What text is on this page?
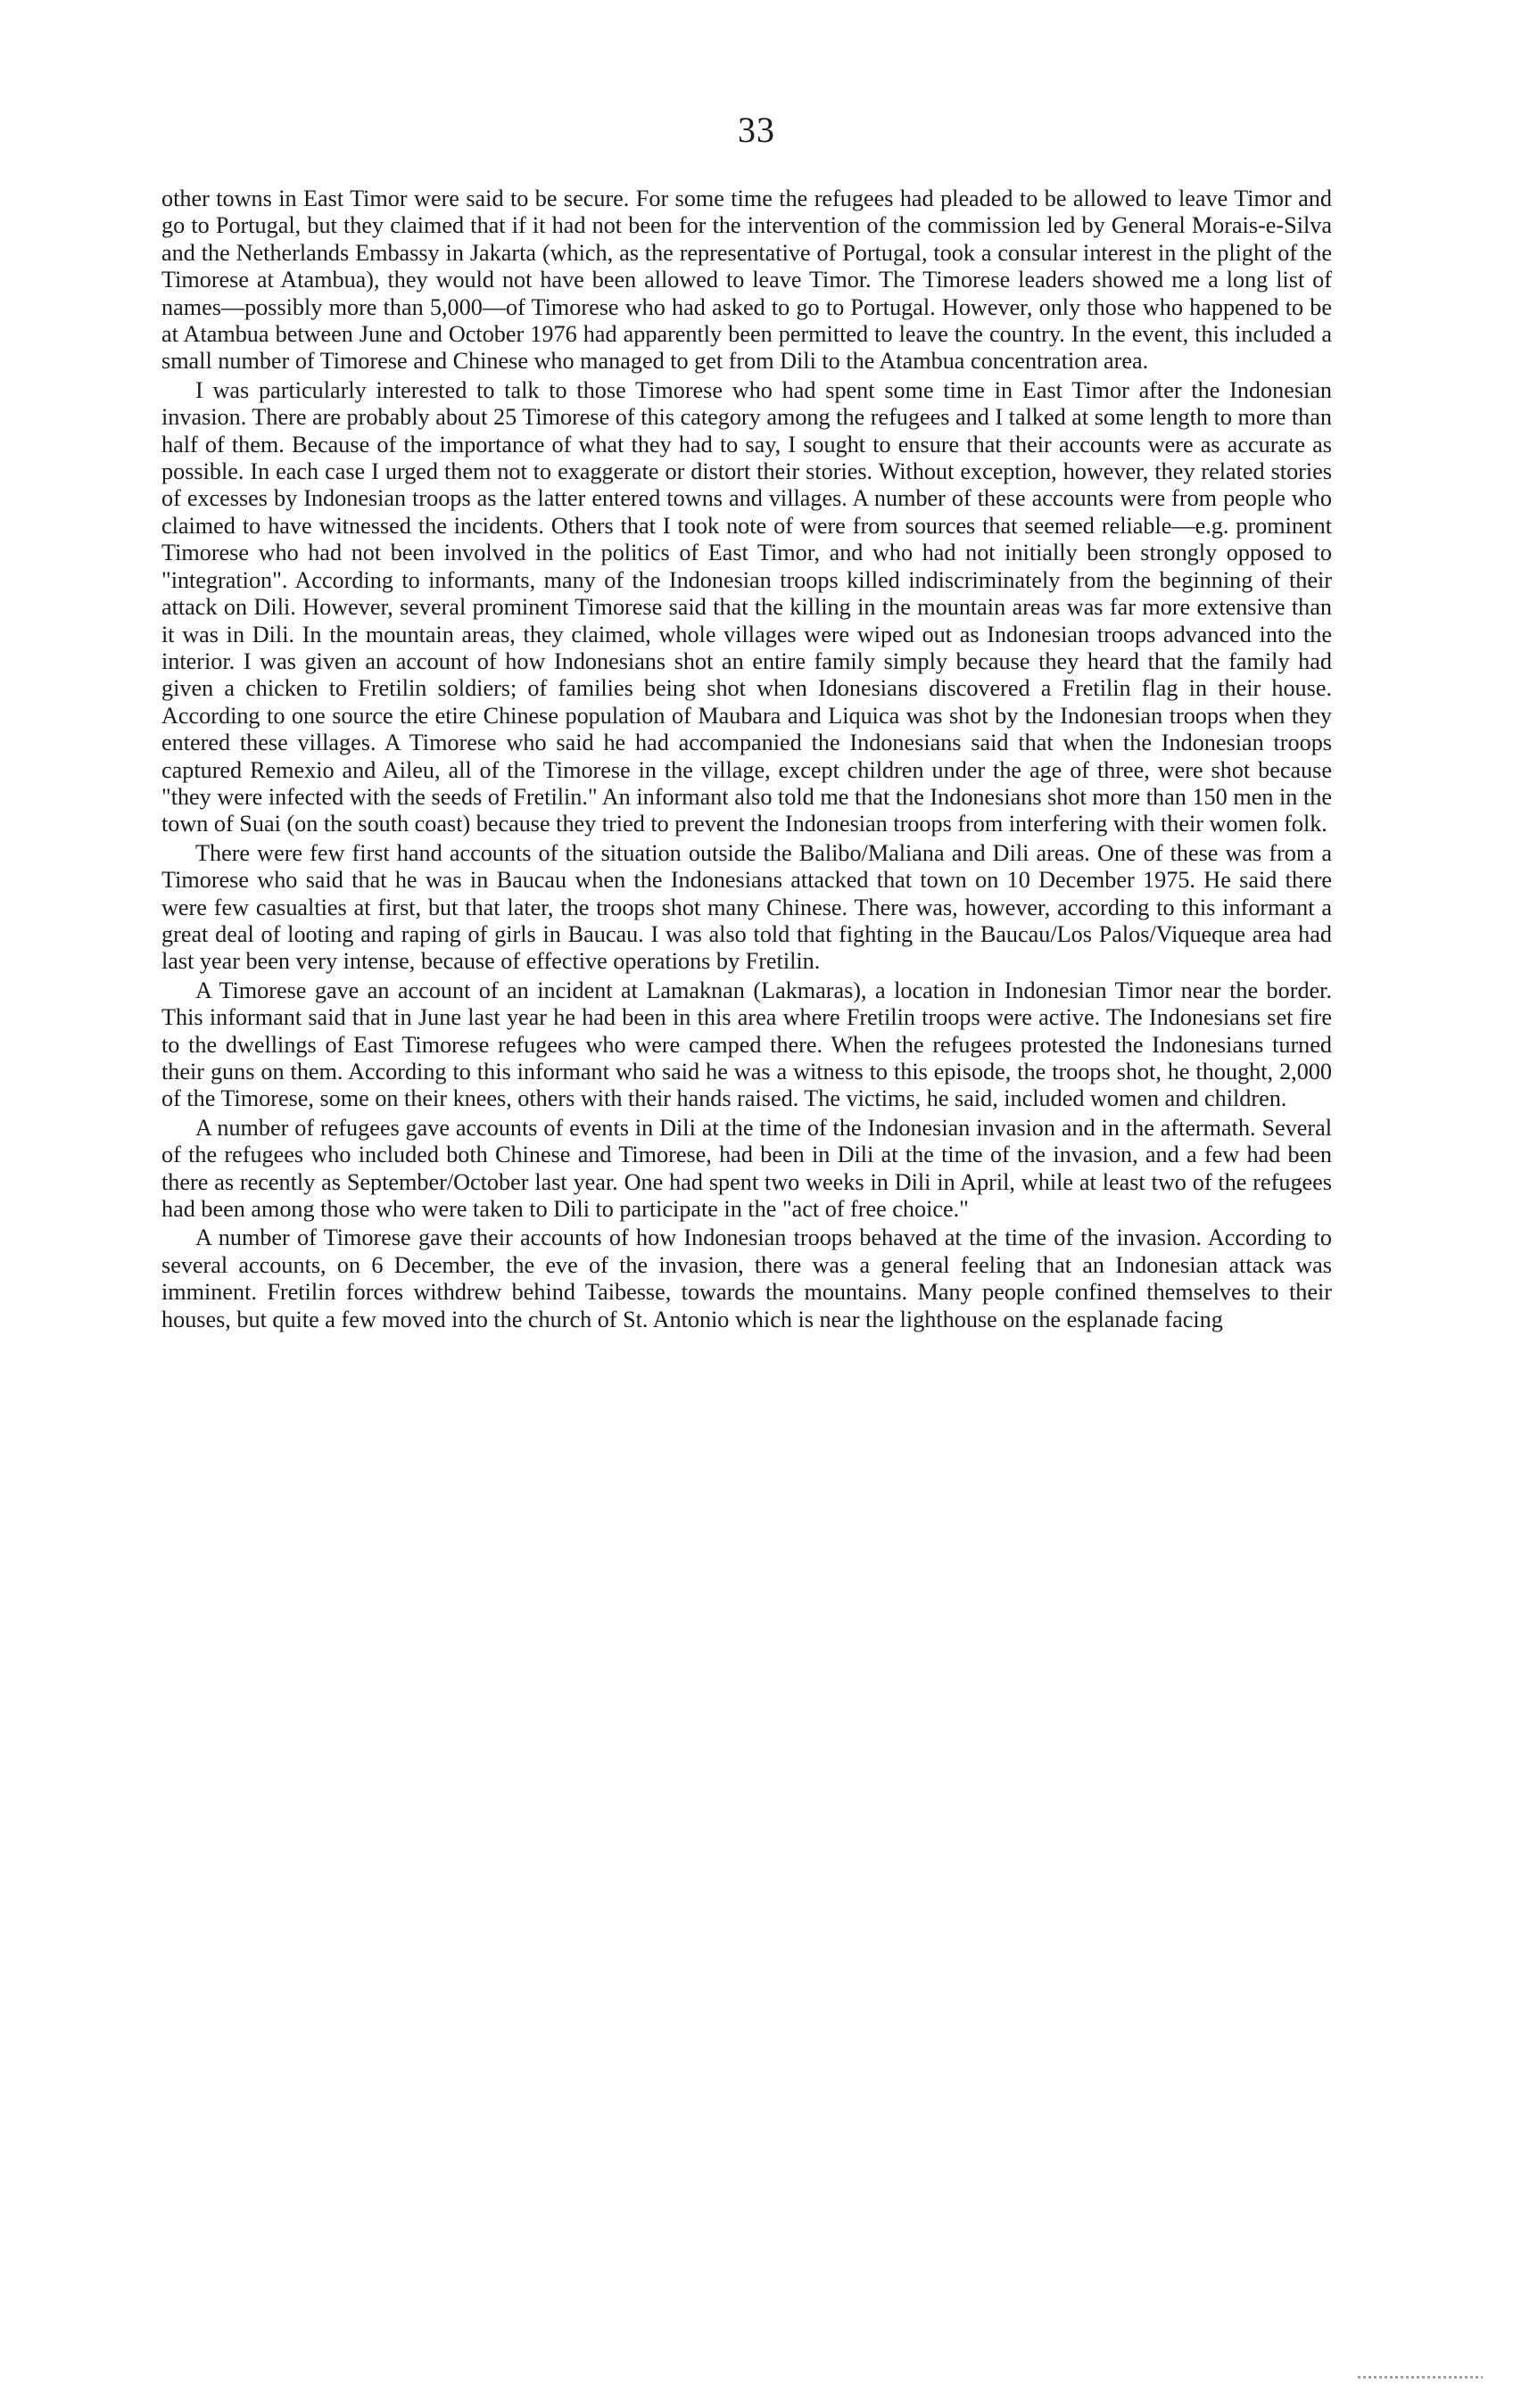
33

other towns in East Timor were said to be secure. For some time the refugees had pleaded to be allowed to leave Timor and go to Portugal, but they claimed that if it had not been for the intervention of the commission led by General Morais-e-Silva and the Netherlands Embassy in Jakarta (which, as the representative of Portugal, took a consular interest in the plight of the Timorese at Atambua), they would not have been allowed to leave Timor. The Timorese leaders showed me a long list of names—possibly more than 5,000—of Timorese who had asked to go to Portugal. However, only those who happened to be at Atambua between June and October 1976 had apparently been permitted to leave the country. In the event, this included a small number of Timorese and Chinese who managed to get from Dili to the Atambua concentration area.

I was particularly interested to talk to those Timorese who had spent some time in East Timor after the Indonesian invasion. There are probably about 25 Timorese of this category among the refugees and I talked at some length to more than half of them. Because of the importance of what they had to say, I sought to ensure that their accounts were as accurate as possible. In each case I urged them not to exaggerate or distort their stories. Without exception, however, they related stories of excesses by Indonesian troops as the latter entered towns and villages. A number of these accounts were from people who claimed to have witnessed the incidents. Others that I took note of were from sources that seemed reliable—e.g. prominent Timorese who had not been involved in the politics of East Timor, and who had not initially been strongly opposed to "integration". According to informants, many of the Indonesian troops killed indiscriminately from the beginning of their attack on Dili. However, several prominent Timorese said that the killing in the mountain areas was far more extensive than it was in Dili. In the mountain areas, they claimed, whole villages were wiped out as Indonesian troops advanced into the interior. I was given an account of how Indonesians shot an entire family simply because they heard that the family had given a chicken to Fretilin soldiers; of families being shot when Idonesians discovered a Fretilin flag in their house. According to one source the etire Chinese population of Maubara and Liquica was shot by the Indonesian troops when they entered these villages. A Timorese who said he had accompanied the Indonesians said that when the Indonesian troops captured Remexio and Aileu, all of the Timorese in the village, except children under the age of three, were shot because "they were infected with the seeds of Fretilin." An informant also told me that the Indonesians shot more than 150 men in the town of Suai (on the south coast) because they tried to prevent the Indonesian troops from interfering with their women folk.

There were few first hand accounts of the situation outside the Balibo/Maliana and Dili areas. One of these was from a Timorese who said that he was in Baucau when the Indonesians attacked that town on 10 December 1975. He said there were few casualties at first, but that later, the troops shot many Chinese. There was, however, according to this informant a great deal of looting and raping of girls in Baucau. I was also told that fighting in the Baucau/Los Palos/Viqueque area had last year been very intense, because of effective operations by Fretilin.

A Timorese gave an account of an incident at Lamaknan (Lakmaras), a location in Indonesian Timor near the border. This informant said that in June last year he had been in this area where Fretilin troops were active. The Indonesians set fire to the dwellings of East Timorese refugees who were camped there. When the refugees protested the Indonesians turned their guns on them. According to this informant who said he was a witness to this episode, the troops shot, he thought, 2,000 of the Timorese, some on their knees, others with their hands raised. The victims, he said, included women and children.

A number of refugees gave accounts of events in Dili at the time of the Indonesian invasion and in the aftermath. Several of the refugees who included both Chinese and Timorese, had been in Dili at the time of the invasion, and a few had been there as recently as September/October last year. One had spent two weeks in Dili in April, while at least two of the refugees had been among those who were taken to Dili to participate in the "act of free choice."

A number of Timorese gave their accounts of how Indonesian troops behaved at the time of the invasion. According to several accounts, on 6 December, the eve of the invasion, there was a general feeling that an Indonesian attack was imminent. Fretilin forces withdrew behind Taibesse, towards the mountains. Many people confined themselves to their houses, but quite a few moved into the church of St. Antonio which is near the lighthouse on the esplanade facing
